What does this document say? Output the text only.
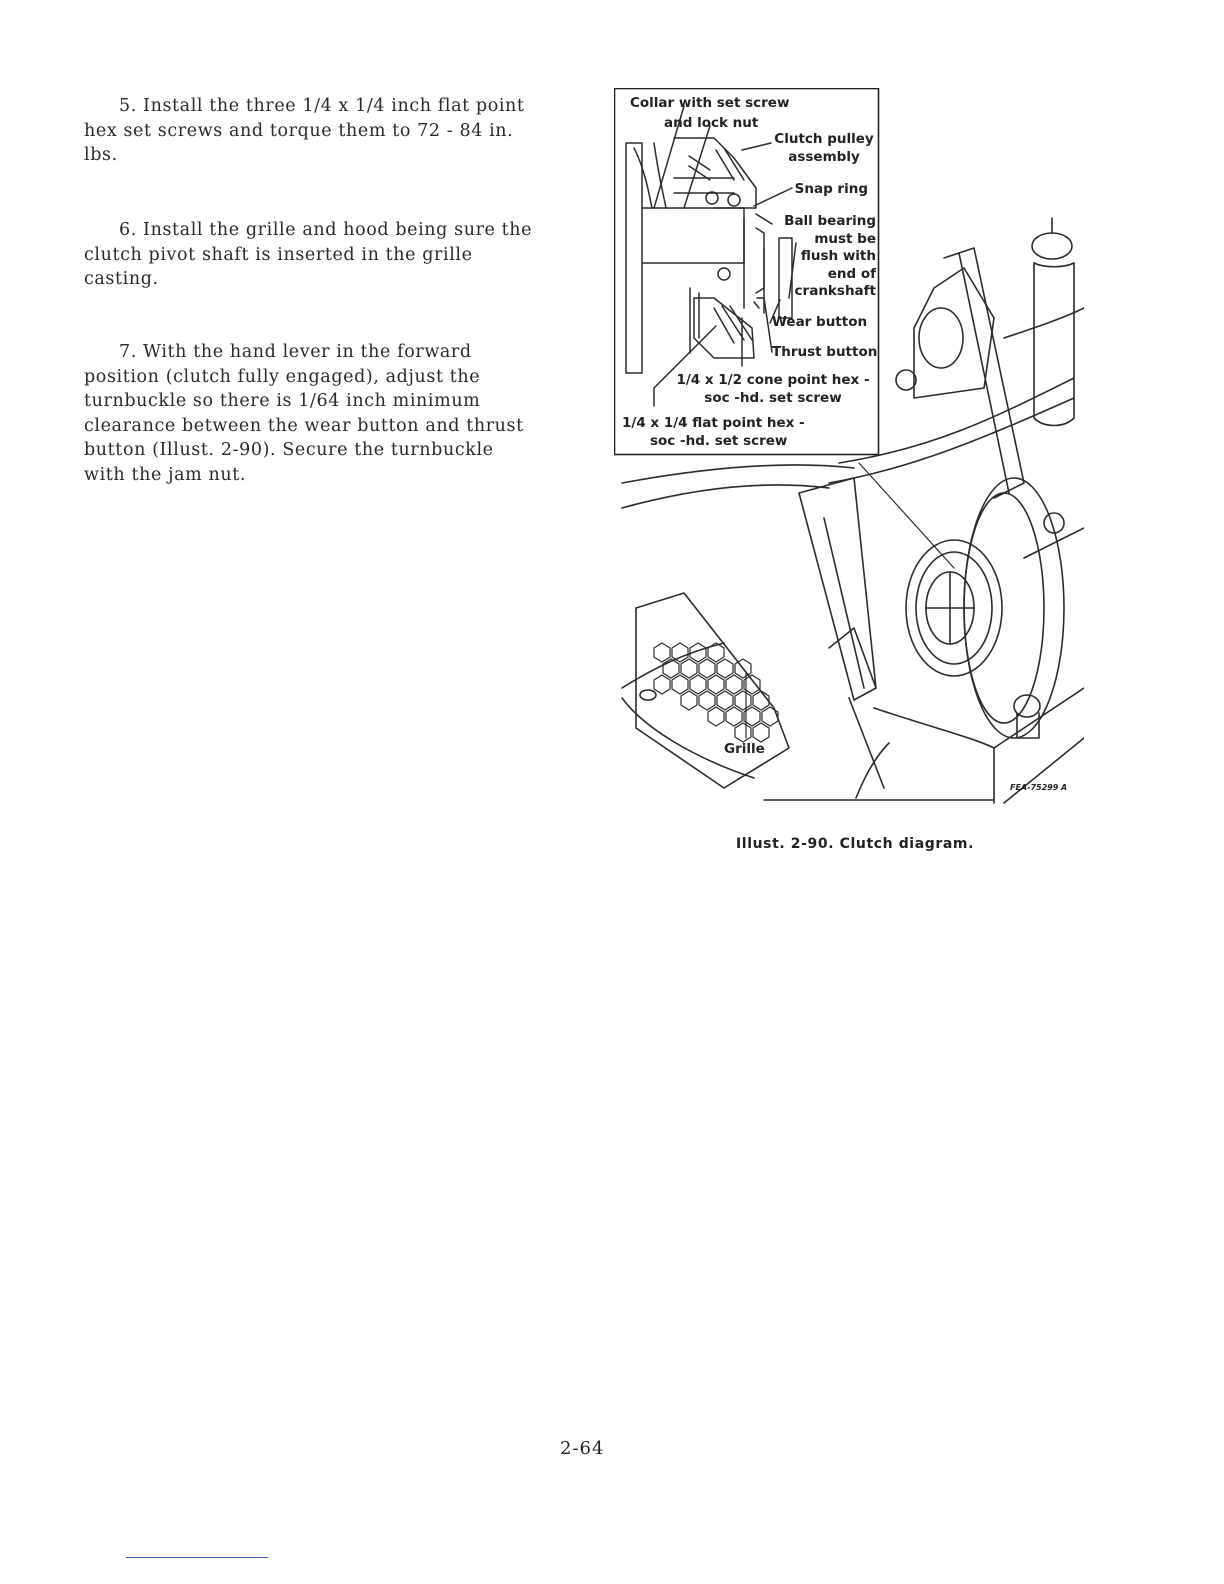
5. Install the three 1/4 x 1/4 inch flat point hex set screws and torque them to 72 - 84 in. lbs.

6. Install the grille and hood being sure the clutch pivot shaft is inserted in the grille casting.

7. With the hand lever in the forward position (clutch fully engaged), adjust the turnbuckle so there is 1/64 inch minimum clearance between the wear button and thrust button (Illust. 2-90). Secure the turnbuckle with the jam nut.

Collar with set screw
and lock nut
Clutch pulley
assembly
Snap ring
Ball bearing
must be
flush with
end of
crankshaft
Wear button
Thrust button
1/4 x 1/2 cone point hex -
soc -hd. set screw
1/4 x 1/4 flat point hex -
soc -hd. set screw
Grille
FEA-75299 A
Illust. 2-90. Clutch diagram.
2-64
